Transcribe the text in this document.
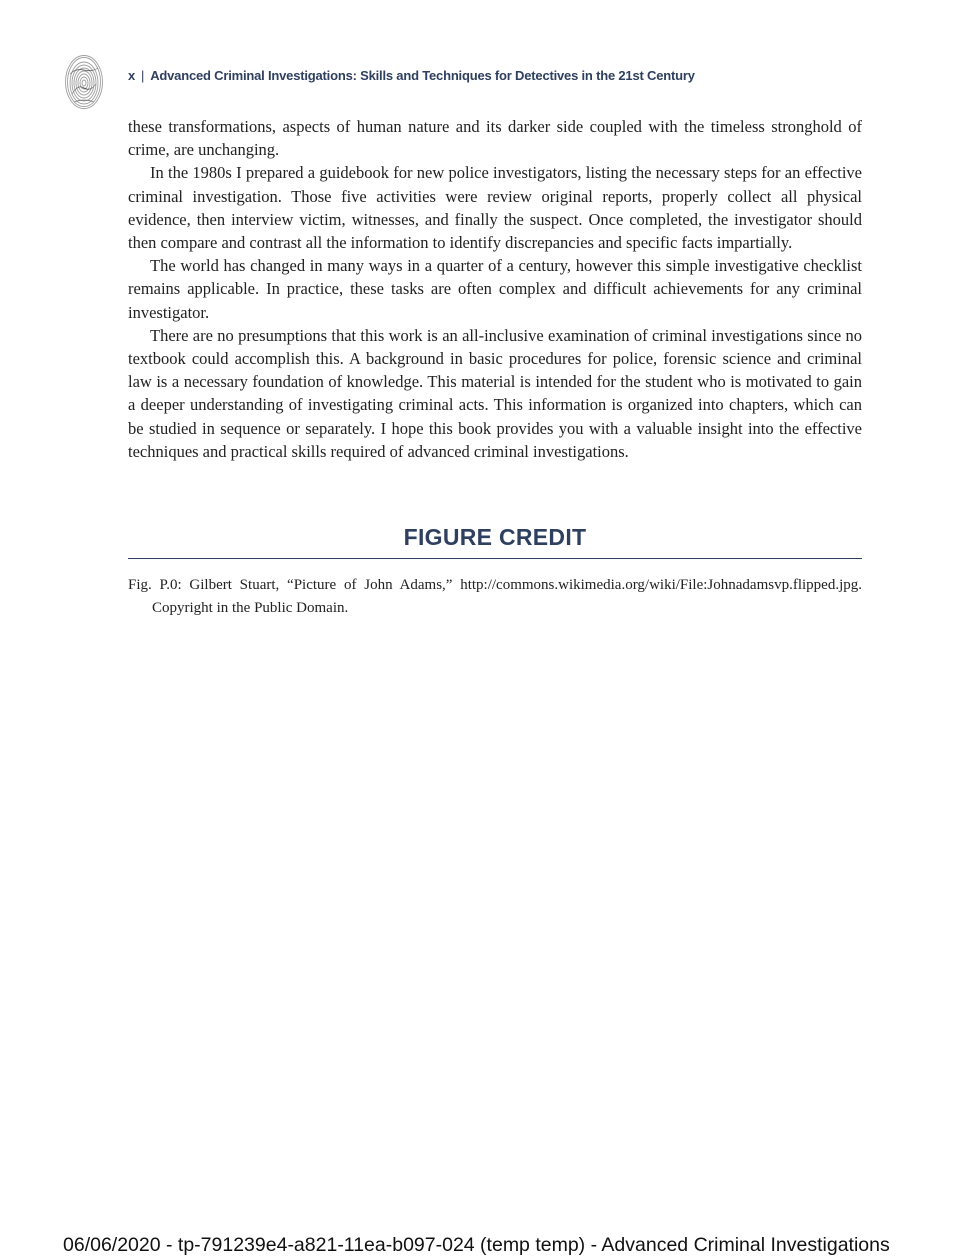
x | Advanced Criminal Investigations: Skills and Techniques for Detectives in the 21st Century

these transformations, aspects of human nature and its darker side coupled with the timeless stronghold of crime, are unchanging.

In the 1980s I prepared a guidebook for new police investigators, listing the necessary steps for an effective criminal investigation. Those five activities were review original reports, properly collect all physical evidence, then interview victim, witnesses, and finally the suspect. Once completed, the investigator should then compare and contrast all the information to identify discrepancies and specific facts impartially.

The world has changed in many ways in a quarter of a century, however this simple investigative checklist remains applicable. In practice, these tasks are often complex and difficult achievements for any criminal investigator.

There are no presumptions that this work is an all-inclusive examination of criminal investigations since no textbook could accomplish this. A background in basic procedures for police, forensic science and criminal law is a necessary foundation of knowledge. This material is intended for the student who is motivated to gain a deeper understanding of investigating criminal acts. This information is organized into chapters, which can be studied in sequence or separately. I hope this book provides you with a valuable insight into the effective techniques and practical skills required of advanced criminal investigations.

FIGURE CREDIT
Fig. P.0: Gilbert Stuart, “Picture of John Adams,” http://commons.wikimedia.org/wiki/File:Johnadamsvp.flipped.jpg. Copyright in the Public Domain.
06/06/2020 - tp-791239e4-a821-11ea-b097-024 (temp temp) - Advanced Criminal Investigations
